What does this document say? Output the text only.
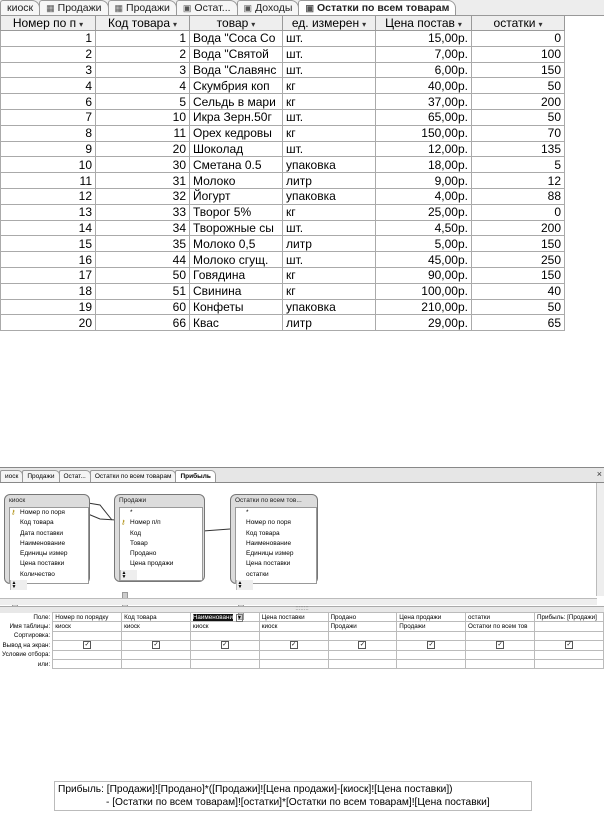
киоск	▦ Продажи	▦ Продажи	▣ Остат...	▣ Доходы	▣ Остатки по всем товарам
Номер по п ▾	Код товара ▾	товар ▾	ед. измерен ▾	Цена постав ▾	остатки ▾
1	1	Вода "Coca Co	шт.	15,00р.	0
2	2	Вода "Святой	шт.	7,00р.	100
3	3	Вода "Славянс	шт.	6,00р.	150
4	4	Скумбрия коп	кг	40,00р.	50
6	5	Сельдь в мари	кг	37,00р.	200
7	10	Икра Зерн.50г	шт.	65,00р.	50
8	11	Орех кедровы	кг	150,00р.	70
9	20	Шоколад	шт.	12,00р.	135
10	30	Сметана 0.5	упаковка	18,00р.	5
11	31	Молоко	литр	9,00р.	12
12	32	Йогурт	упаковка	4,00р.	88
13	33	Творог 5%	кг	25,00р.	0
14	34	Творожные сы	шт.	4,50р.	200
15	35	Молоко 0,5	литр	5,00р.	150
16	44	Молоко сгущ.	шт.	45,00р.	250
17	50	Говядина	кг	90,00р.	150
18	51	Свинина	кг	100,00р.	40
19	60	Конфеты	упаковка	210,00р.	50
20	66	Квас	литр	29,00р.	65
иоск	Продажи	Остат...	Остатки по всем товарам	Прибыль	×
киоск
⚷ Номер по поря
Код товара
Дата поставки
Наименование
Единицы измер
Цена поставки
Количество
▲
▼
Продажи
*
⚷ Номер п/п
Код
Товар
Продано
Цена продажи
▲
▼
Остатки по всем тов...
*
Номер по поря
Код товара
Наименование
Единицы измер
Цена поставки
остатки
▲
▼
::::::::
Поле:	Номер по порядку	Код товара	Наименовани ▼	Цена поставки	Продано	Цена продажи	остатки	Прибыль: [Продажи]
Имя таблицы:	киоск	киоск	киоск	киоск	Продажи	Продажи	Остатки по всем тов	
Сортировка:								
Вывод на экран:	✓	✓	✓	✓	✓	✓	✓	✓
Условие отбора:								
или:								
Прибыль: [Продажи]![Продано]*([Продажи]![Цена продажи]-[киоск]![Цена поставки])
- [Остатки по всем товарам]![остатки]*[Остатки по всем товарам]![Цена поставки]
